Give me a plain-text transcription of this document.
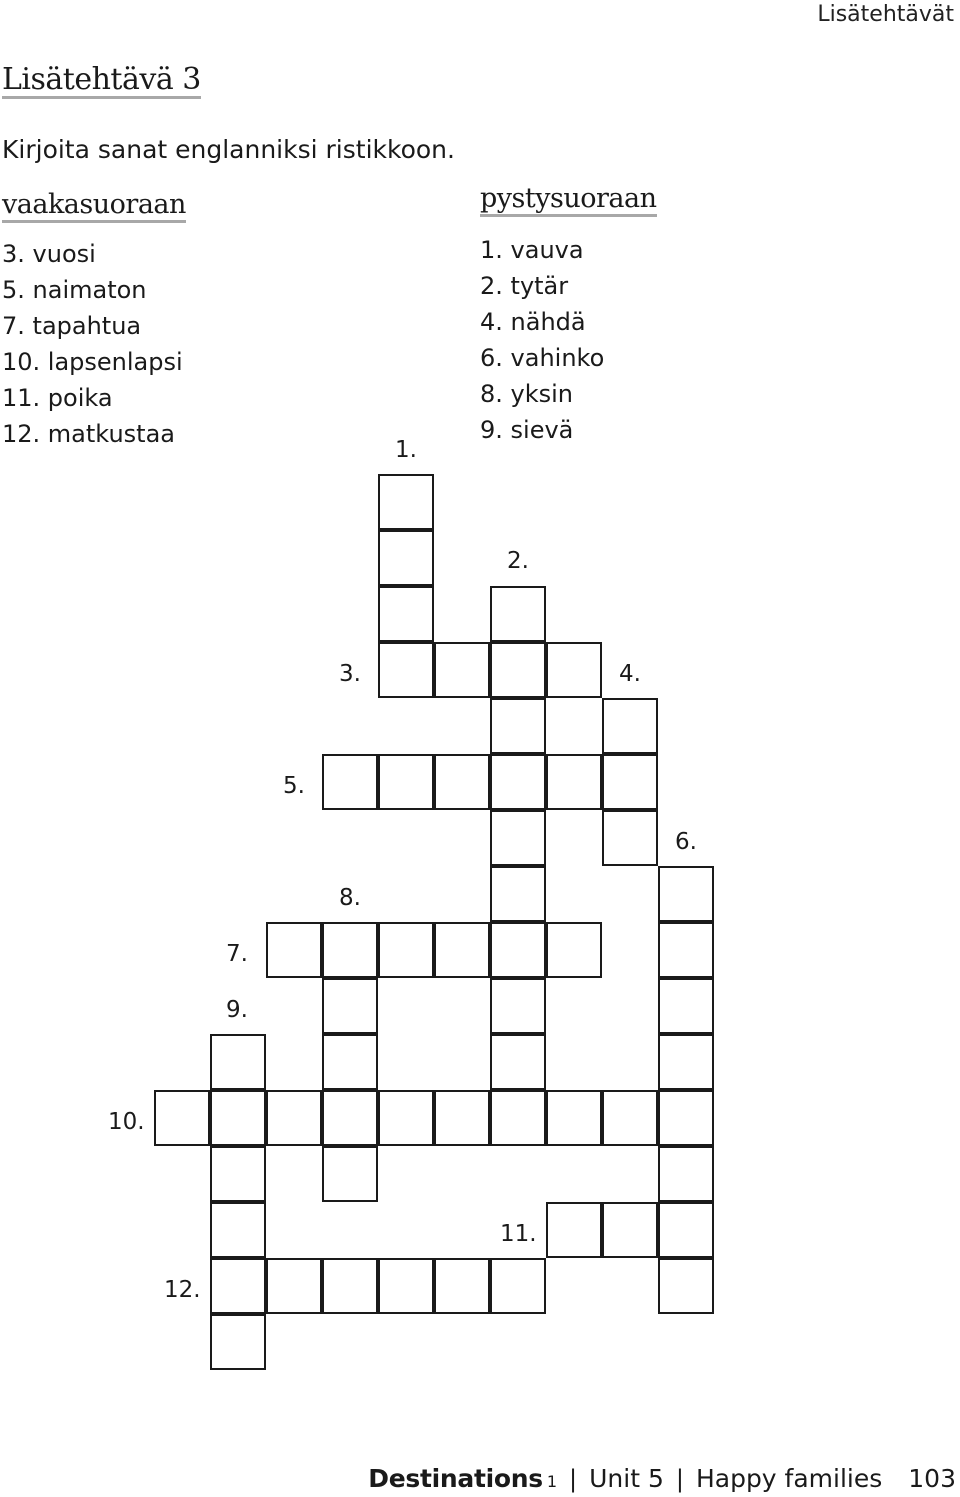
Lisätehtävät
Lisätehtävä 3
Kirjoita sanat englanniksi ristikkoon.
vaakasuoraan
3. vuosi
5. naimaton
7. tapahtua
10. lapsenlapsi
11. poika
12. matkustaa
pystysuoraan
1. vauva
2. tytär
4. nähdä
6. vahinko
8. yksin
9. sievä
1.
2.
3.	4.
5.
6.
7.
8.
9.
10.
11.
12.
Destinations 1 | Unit 5 | Happy families 103
